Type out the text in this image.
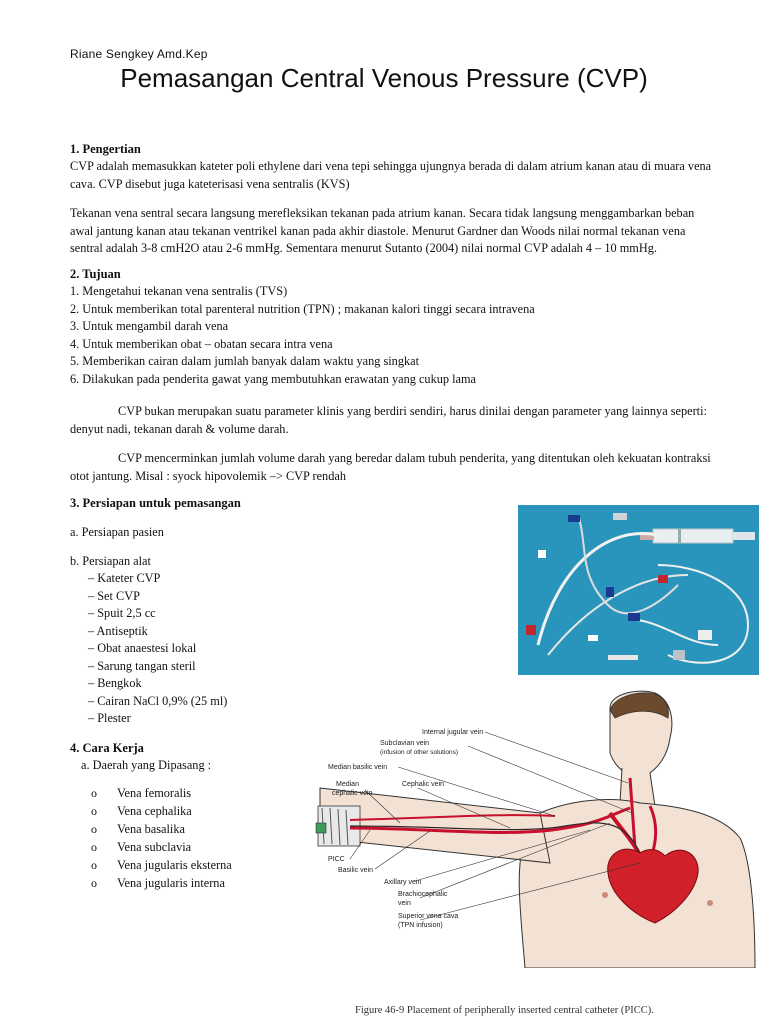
Riane Sengkey Amd.Kep
Pemasangan Central Venous Pressure (CVP)
1. Pengertian
CVP adalah memasukkan kateter poli ethylene dari vena tepi sehingga ujungnya berada di dalam atrium kanan atau di muara vena
cava. CVP disebut juga kateterisasi vena sentralis (KVS)
Tekanan vena sentral secara langsung merefleksikan tekanan pada atrium kanan. Secara tidak langsung menggambarkan beban
awal jantung kanan atau tekanan ventrikel kanan pada akhir diastole. Menurut Gardner dan Woods nilai normal tekanan vena
sentral adalah 3-8 cmH2O atau 2-6 mmHg. Sementara menurut Sutanto (2004) nilai normal CVP adalah 4 – 10 mmHg.
2. Tujuan
1. Mengetahui tekanan vena sentralis (TVS)
2. Untuk memberikan total parenteral nutrition (TPN) ; makanan kalori tinggi secara intravena
3. Untuk mengambil darah vena
4. Untuk memberikan obat – obatan secara intra vena
5. Memberikan cairan dalam jumlah banyak dalam waktu yang singkat
6. Dilakukan pada penderita gawat yang membutuhkan erawatan yang cukup lama
CVP bukan merupakan suatu parameter klinis yang berdiri sendiri, harus dinilai dengan parameter yang lainnya seperti:
denyut nadi, tekanan darah & volume darah.
CVP mencerminkan jumlah volume darah yang beredar dalam tubuh penderita, yang ditentukan oleh kekuatan kontraksi
otot jantung. Misal : syock hipovolemik –> CVP rendah
3. Persiapan untuk pemasangan
a. Persiapan pasien
b. Persiapan alat
– Kateter CVP
– Set CVP
– Spuit 2,5 cc
– Antiseptik
– Obat anaestesi lokal
– Sarung tangan steril
– Bengkok
– Cairan NaCl 0,9% (25 ml)
– Plester
4. Cara Kerja
a. Daerah yang Dipasang :
o Vena femoralis
o Vena cephalika
o Vena basalika
o Vena subclavia
o Vena jugularis eksterna
o Vena jugularis interna
Internal jugular vein
Subclavian vein
(infusion of other solutions)
Median basilic vein
Median
cephalic vein
Cephalic vein
PICC
Basilic vein
Axillary vein
Brachiocephalic
vein
Superior vena cava
(TPN infusion)
Figure 46-9 Placement of peripherally inserted central catheter (PICC).
